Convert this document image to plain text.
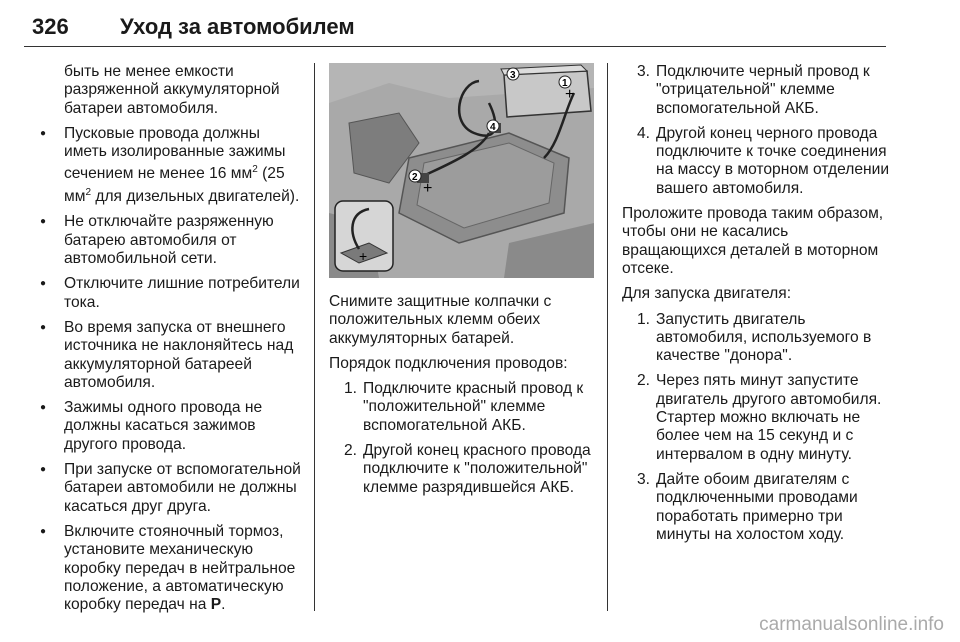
326 Уход за автомобилем

быть не менее емкости разряженной аккумуляторной батареи автомобиля.

● Пусковые провода должны иметь изолированные зажимы сечением не менее 16 $мм^2$ (25 $мм^2$ для дизельных двигателей).
● Не отключайте разряженную батарею автомобиля от автомобильной сети.
● Отключите лишние потребители тока.
● Во время запуска от внешнего источника не наклоняйтесь над аккумуляторной батареей автомобиля.
● Зажимы одного провода не должны касаться зажимов другого провода.
● При запуске от вспомогательной батареи автомобили не должны касаться друг друга.
● Включите стояночный тормоз, установите механическую коробку передач в нейтральное положение, а автоматическую коробку передач на P.
3
1
4
2
+
+
+

Снимите защитные колпачки с положительных клемм обеих аккумуляторных батарей.

Порядок подключения проводов:

1. Подключите красный провод к "положительной" клемме вспомогательной АКБ.
2. Другой конец красного провода подключите к "положительной" клемме разрядившейся АКБ.
3. Подключите черный провод к "отрицательной" клемме вспомогательной АКБ.
4. Другой конец черного провода подключите к точке соединения на массу в моторном отделении вашего автомобиля.

Проложите провода таким образом, чтобы они не касались вращающихся деталей в моторном отсеке.

Для запуска двигателя:

1. Запустить двигатель автомобиля, используемого в качестве "донора".
2. Через пять минут запустите двигатель другого автомобиля. Стартер можно включать не более чем на 15 секунд и с интервалом в одну минуту.
3. Дайте обоим двигателям с подключенными проводами поработать примерно три минуты на холостом ходу.
carmanualsonline.info
